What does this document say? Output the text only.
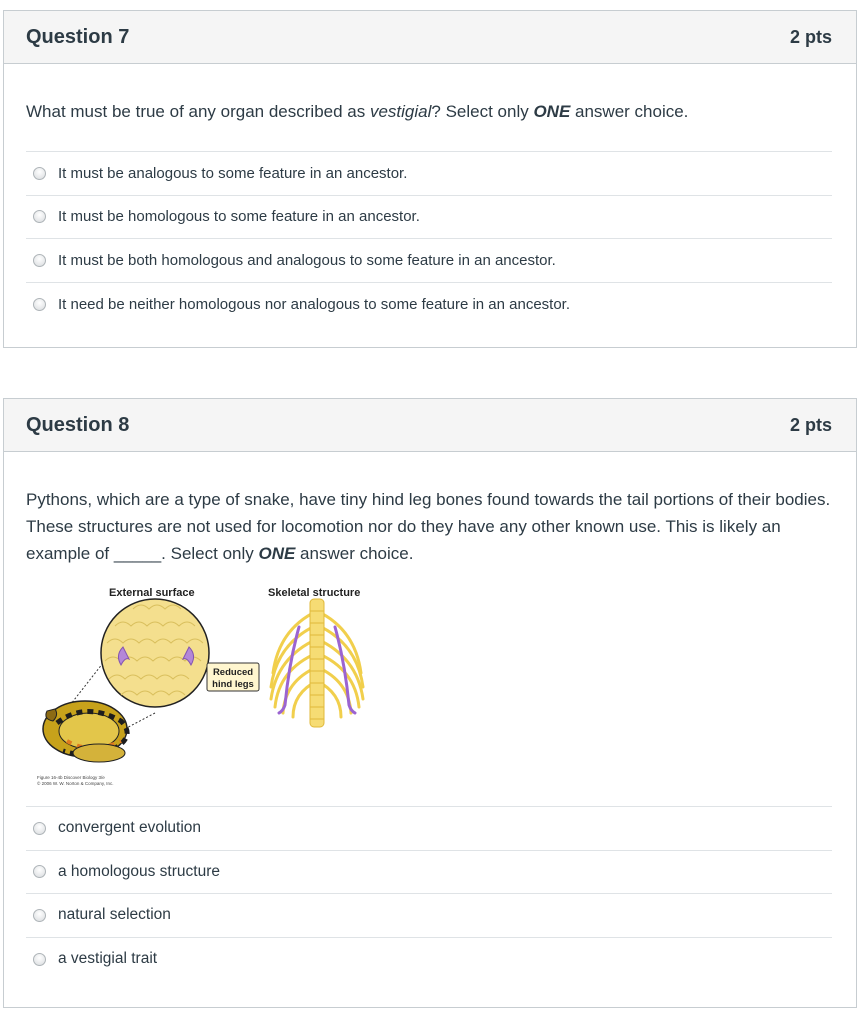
Question 7	2 pts

What must be true of any organ described as vestigial? Select only ONE answer choice.

It must be analogous to some feature in an ancestor.
It must be homologous to some feature in an ancestor.
It must be both homologous and analogous to some feature in an ancestor.
It need be neither homologous nor analogous to some feature in an ancestor.
Question 8	2 pts

Pythons, which are a type of snake, have tiny hind leg bones found towards the tail portions of their bodies. These structures are not used for locomotion nor do they have any other known use. This is likely an example of _____. Select only ONE answer choice.

External surface	Skeletal structure
Reduced
hind legs
Figure 16-4b Discover Biology 3/e
© 2006 W. W. Norton & Company, Inc.
convergent evolution
a homologous structure
natural selection
a vestigial trait
